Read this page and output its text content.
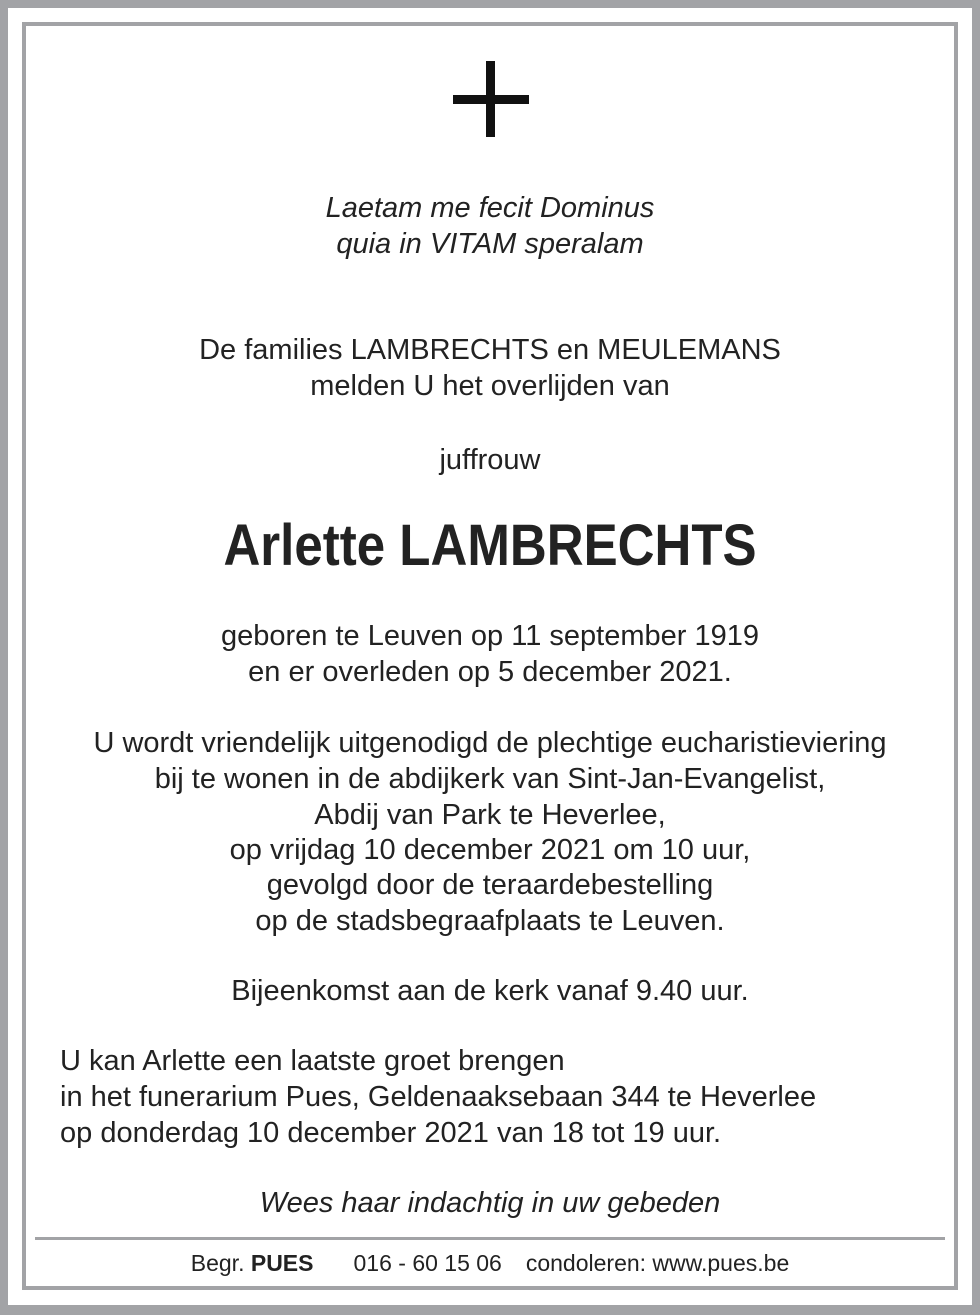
Laetam me fecit Dominus
quia in VITAM speralam
De families LAMBRECHTS en MEULEMANS
melden U het overlijden van
juffrouw
Arlette LAMBRECHTS
geboren te Leuven op 11 september 1919
en er overleden op 5 december 2021.
U wordt vriendelijk uitgenodigd de plechtige eucharistieviering
bij te wonen in de abdijkerk van Sint-Jan-Evangelist,
Abdij van Park te Heverlee,
op vrijdag 10 december 2021 om 10 uur,
gevolgd door de teraardebestelling
op de stadsbegraafplaats te Leuven.
Bijeenkomst aan de kerk vanaf 9.40 uur.
U kan Arlette een laatste groet brengen
in het funerarium Pues, Geldenaaksebaan 344 te Heverlee
op donderdag 10 december 2021 van 18 tot 19 uur.
Wees haar indachtig in uw gebeden
Begr. PUES 016 - 60 15 06 condoleren: www.pues.be
